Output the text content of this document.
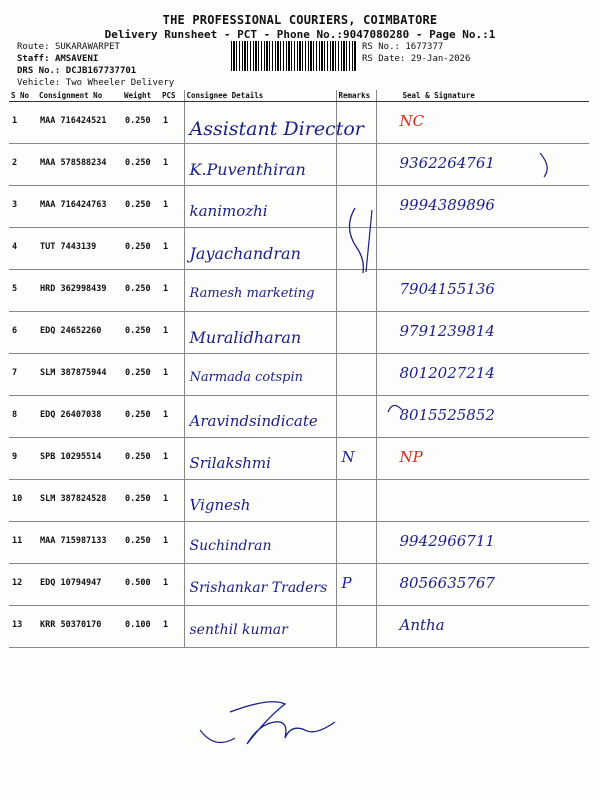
THE PROFESSIONAL COURIERS, COIMBATORE
Delivery Runsheet - PCT - Phone No.:9047080280 - Page No.:1
Route: SUKARAWARPET
Staff: AMSAVENI
DRS No.: DCJB167737701
Vehicle: Two Wheeler Delivery
RS No.: 1677377
RS Date: 29-Jan-2026
S No	Consignment No	Weight	PCS	Consignee Details	Remarks	Seal & Signature
1	MAA 716424521	0.250	1	Assistant Director		NC
2	MAA 578588234	0.250	1	K.Puventhiran		9362264761
3	MAA 716424763	0.250	1	kanimozhi		9994389896
4	TUT 7443139	0.250	1	Jayachandran		
5	HRD 362998439	0.250	1	Ramesh marketing		7904155136
6	EDQ 24652260	0.250	1	Muralidharan		9791239814
7	SLM 387875944	0.250	1	Narmada cotspin		8012027214
8	EDQ 26407038	0.250	1	Aravindsindicate		8015525852
9	SPB 10295514	0.250	1	Srilakshmi	N	NP
10	SLM 387824528	0.250	1	Vignesh		
11	MAA 715987133	0.250	1	Suchindran		9942966711
12	EDQ 10794947	0.500	1	Srishankar Traders	P	8056635767
13	KRR 50370170	0.100	1	senthil kumar		Antha
